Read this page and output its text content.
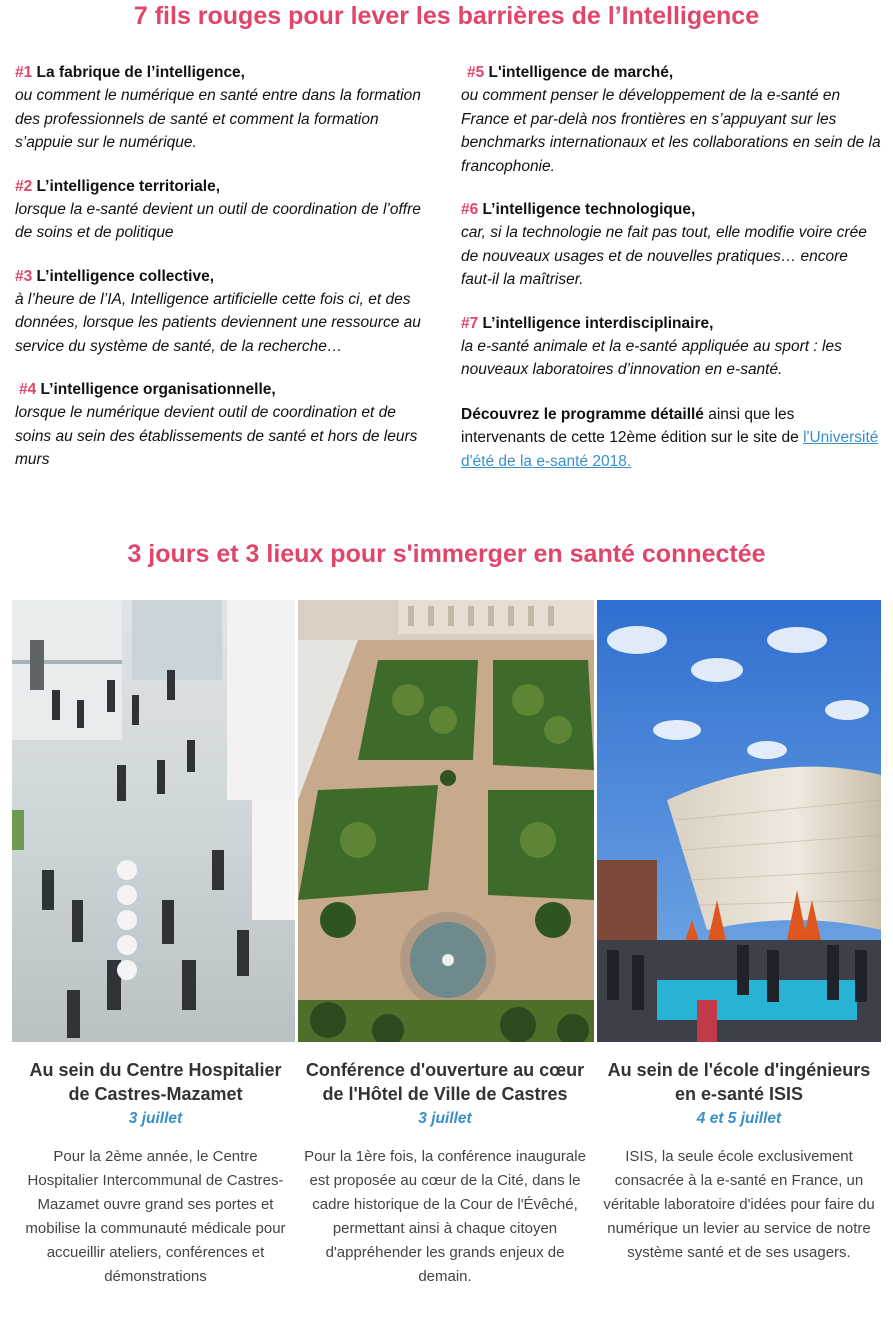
7 fils rouges pour lever les barrières de l’Intelligence
#1 La fabrique de l’intelligence,
ou comment le numérique en santé entre dans la formation des professionnels de santé et comment la formation s’appuie sur le numérique.
#2 L’intelligence territoriale,
lorsque la e-santé devient un outil de coordination de l’offre de soins et de politique
#3 L’intelligence collective,
à l’heure de l’IA, Intelligence artificielle cette fois ci, et des données, lorsque les patients deviennent une ressource au service du système de santé, de la recherche…
#4 L’intelligence organisationnelle,
lorsque le numérique devient outil de coordination et de soins au sein des établissements de santé et hors de leurs murs
#5 L'intelligence de marché,
ou comment penser le développement de la e-santé en France et par-delà nos frontières en s’appuyant sur les benchmarks internationaux et les collaborations en sein de la francophonie.
#6 L’intelligence technologique,
car, si la technologie ne fait pas tout, elle modifie voire crée de nouveaux usages et de nouvelles pratiques… encore faut-il la maîtriser.
#7 L’intelligence interdisciplinaire,
la e-santé animale et la e-santé appliquée au sport : les nouveaux laboratoires d’innovation en e-santé.
Découvrez le programme détaillé ainsi que les intervenants de cette 12ème édition sur le site de l'Université d'été de la e-santé 2018.
3 jours et 3 lieux pour s'immerger en santé connectée
Au sein du Centre Hospitalier de Castres-Mazamet
3 juillet
Pour la 2ème année, le Centre Hospitalier Intercommunal de Castres-Mazamet ouvre grand ses portes et mobilise la communauté médicale pour accueillir ateliers, conférences et démonstrations
Conférence d'ouverture au cœur de l'Hôtel de Ville de Castres
3 juillet
Pour la 1ère fois, la conférence inaugurale est proposée au cœur de la Cité, dans le cadre historique de la Cour de l'Évêché, permettant ainsi à chaque citoyen d'appréhender les grands enjeux de demain.
Au sein de l'école d'ingénieurs en e-santé ISIS
4 et 5 juillet
ISIS, la seule école exclusivement consacrée à la e-santé en France, un véritable laboratoire d'idées pour faire du numérique un levier au service de notre système santé et de ses usagers.
